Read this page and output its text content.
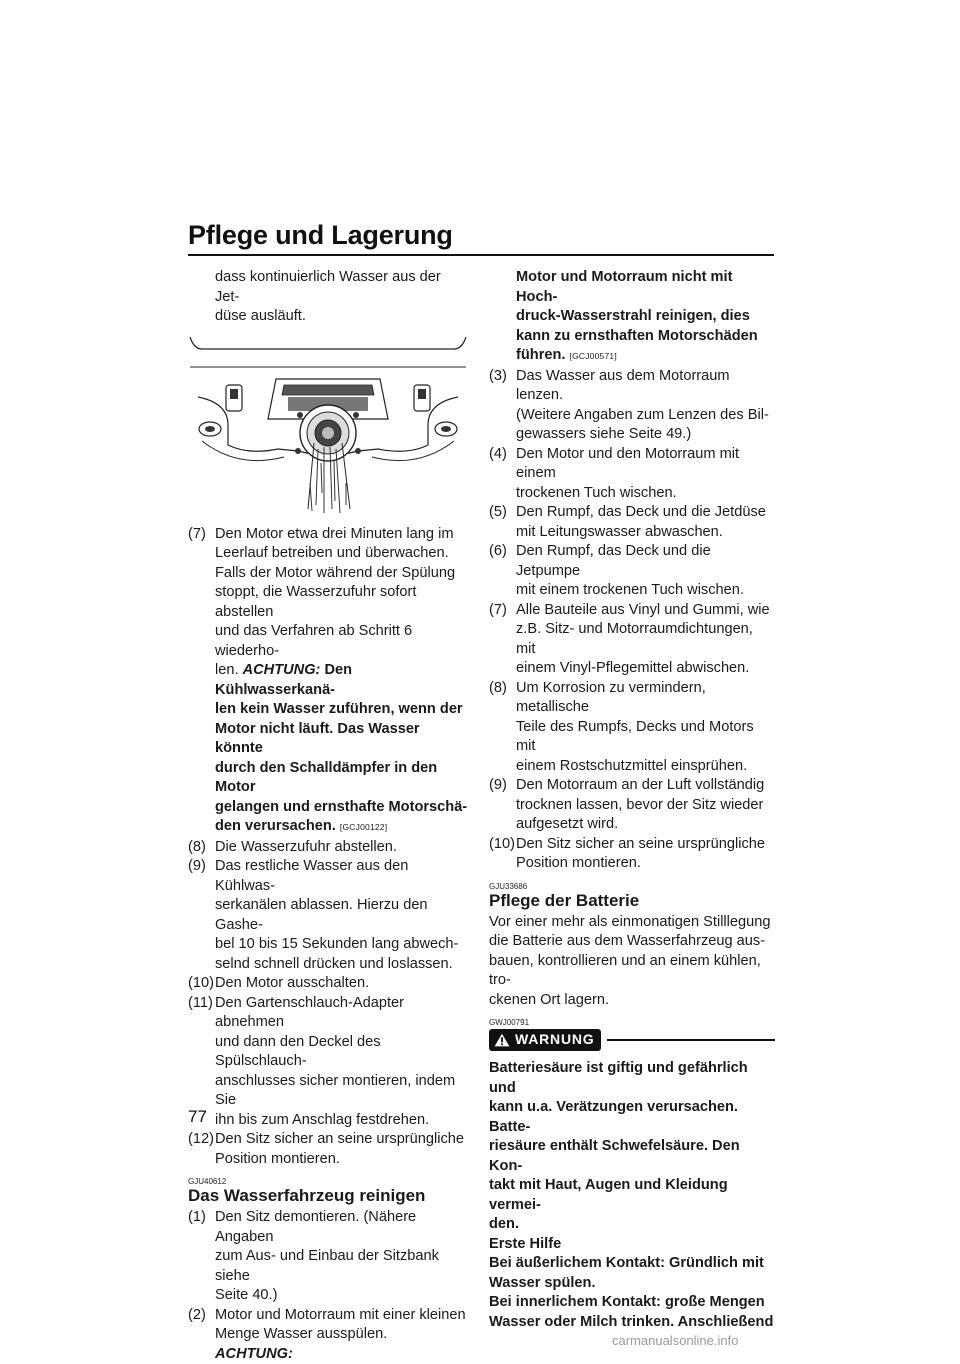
Pflege und Lagerung
dass kontinuierlich Wasser aus der Jet-
düse ausläuft.
(7) Den Motor etwa drei Minuten lang im
Leerlauf betreiben und überwachen.
Falls der Motor während der Spülung
stoppt, die Wasserzufuhr sofort abstellen
und das Verfahren ab Schritt 6 wiederho-
len. ACHTUNG: Den Kühlwasserkanä-
len kein Wasser zuführen, wenn der
Motor nicht läuft. Das Wasser könnte
durch den Schalldämpfer in den Motor
gelangen und ernsthafte Motorschä-
den verursachen. [GCJ00122]
(8) Die Wasserzufuhr abstellen.
(9) Das restliche Wasser aus den Kühlwas-
serkanälen ablassen. Hierzu den Gashe-
bel 10 bis 15 Sekunden lang abwech-
selnd schnell drücken und loslassen.
(10) Den Motor ausschalten.
(11) Den Gartenschlauch-Adapter abnehmen
und dann den Deckel des Spülschlauch-
anschlusses sicher montieren, indem Sie
ihn bis zum Anschlag festdrehen.
(12) Den Sitz sicher an seine ursprüngliche
Position montieren.
GJU40612
Das Wasserfahrzeug reinigen
(1) Den Sitz demontieren. (Nähere Angaben
zum Aus- und Einbau der Sitzbank siehe
Seite 40.)
(2) Motor und Motorraum mit einer kleinen
Menge Wasser ausspülen. ACHTUNG:
Motor und Motorraum nicht mit Hoch-
druck-Wasserstrahl reinigen, dies
kann zu ernsthaften Motorschäden
führen. [GCJ00571]
(3) Das Wasser aus dem Motorraum lenzen.
(Weitere Angaben zum Lenzen des Bil-
gewassers siehe Seite 49.)
(4) Den Motor und den Motorraum mit einem
trockenen Tuch wischen.
(5) Den Rumpf, das Deck und die Jetdüse
mit Leitungswasser abwaschen.
(6) Den Rumpf, das Deck und die Jetpumpe
mit einem trockenen Tuch wischen.
(7) Alle Bauteile aus Vinyl und Gummi, wie
z.B. Sitz- und Motorraumdichtungen, mit
einem Vinyl-Pflegemittel abwischen.
(8) Um Korrosion zu vermindern, metallische
Teile des Rumpfs, Decks und Motors mit
einem Rostschutzmittel einsprühen.
(9) Den Motorraum an der Luft vollständig
trocknen lassen, bevor der Sitz wieder
aufgesetzt wird.
(10) Den Sitz sicher an seine ursprüngliche
Position montieren.
GJU33686
Pflege der Batterie
Vor einer mehr als einmonatigen Stilllegung
die Batterie aus dem Wasserfahrzeug aus-
bauen, kontrollieren und an einem kühlen, tro-
ckenen Ort lagern.
GWJ00791
WARNUNG
Batteriesäure ist giftig und gefährlich und
kann u.a. Verätzungen verursachen. Batte-
riesäure enthält Schwefelsäure. Den Kon-
takt mit Haut, Augen und Kleidung vermei-
den.
Erste Hilfe
Bei äußerlichem Kontakt: Gründlich mit
Wasser spülen.
Bei innerlichem Kontakt: große Mengen
Wasser oder Milch trinken. Anschließend
77
carmanualsonline.info
